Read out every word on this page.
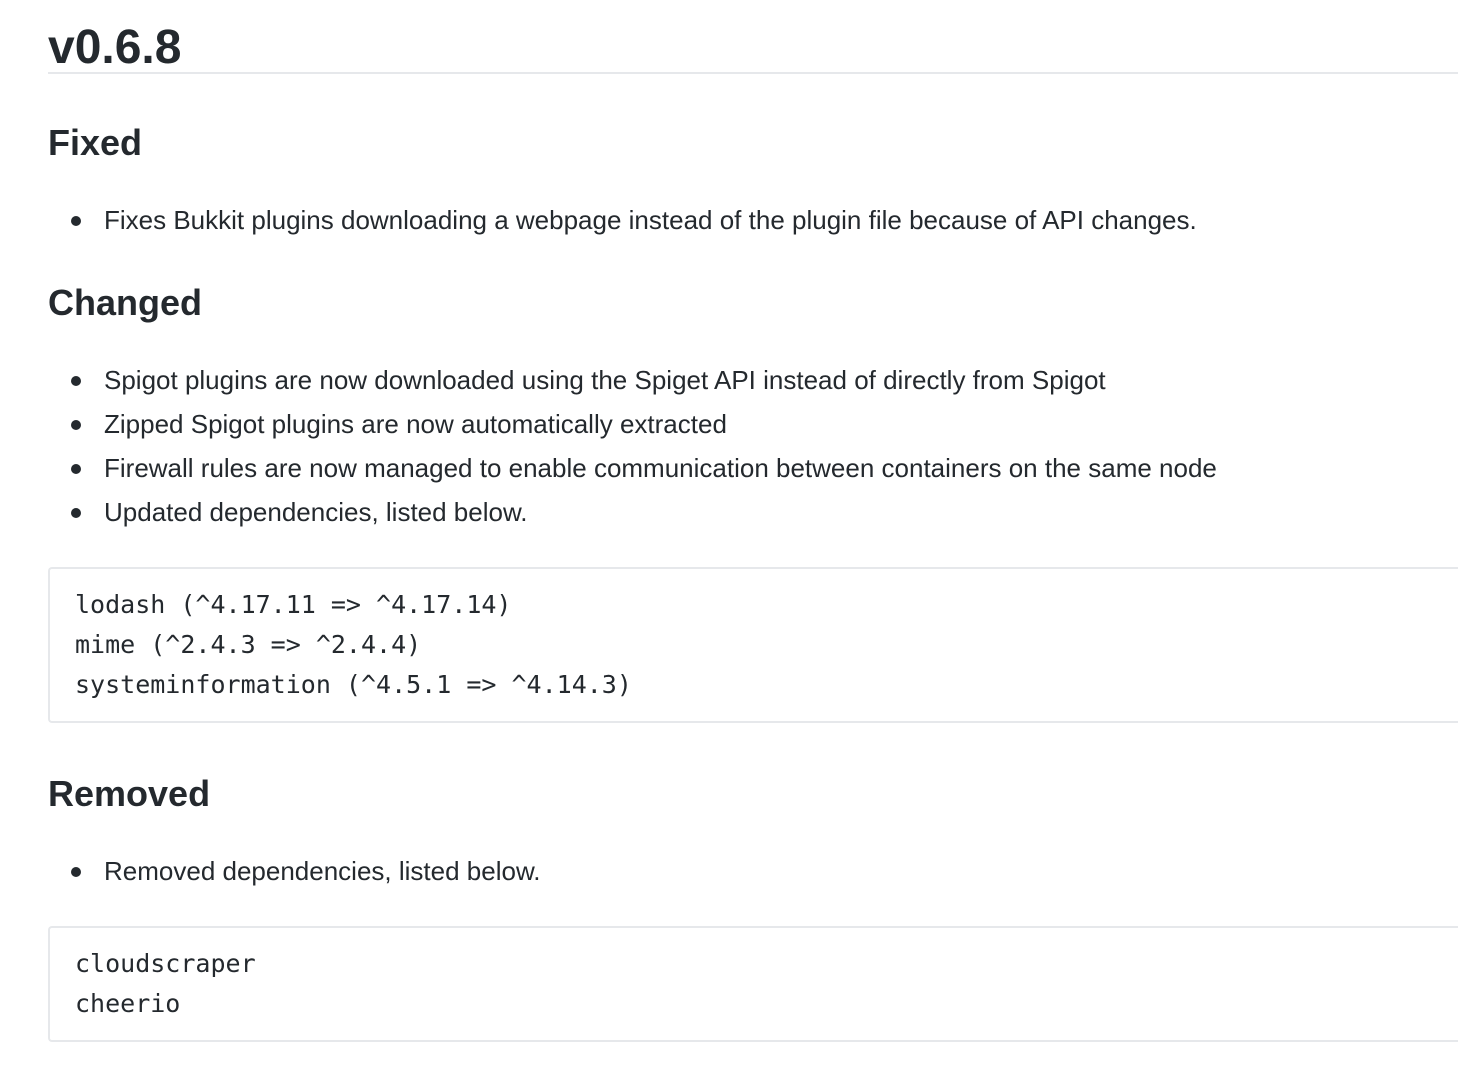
v0.6.8
Fixed
Fixes Bukkit plugins downloading a webpage instead of the plugin file because of API changes.
Changed
Spigot plugins are now downloaded using the Spiget API instead of directly from Spigot
Zipped Spigot plugins are now automatically extracted
Firewall rules are now managed to enable communication between containers on the same node
Updated dependencies, listed below.
lodash (^4.17.11 => ^4.17.14)
mime (^2.4.3 => ^2.4.4)
systeminformation (^4.5.1 => ^4.14.3)
Removed
Removed dependencies, listed below.
cloudscraper
cheerio
